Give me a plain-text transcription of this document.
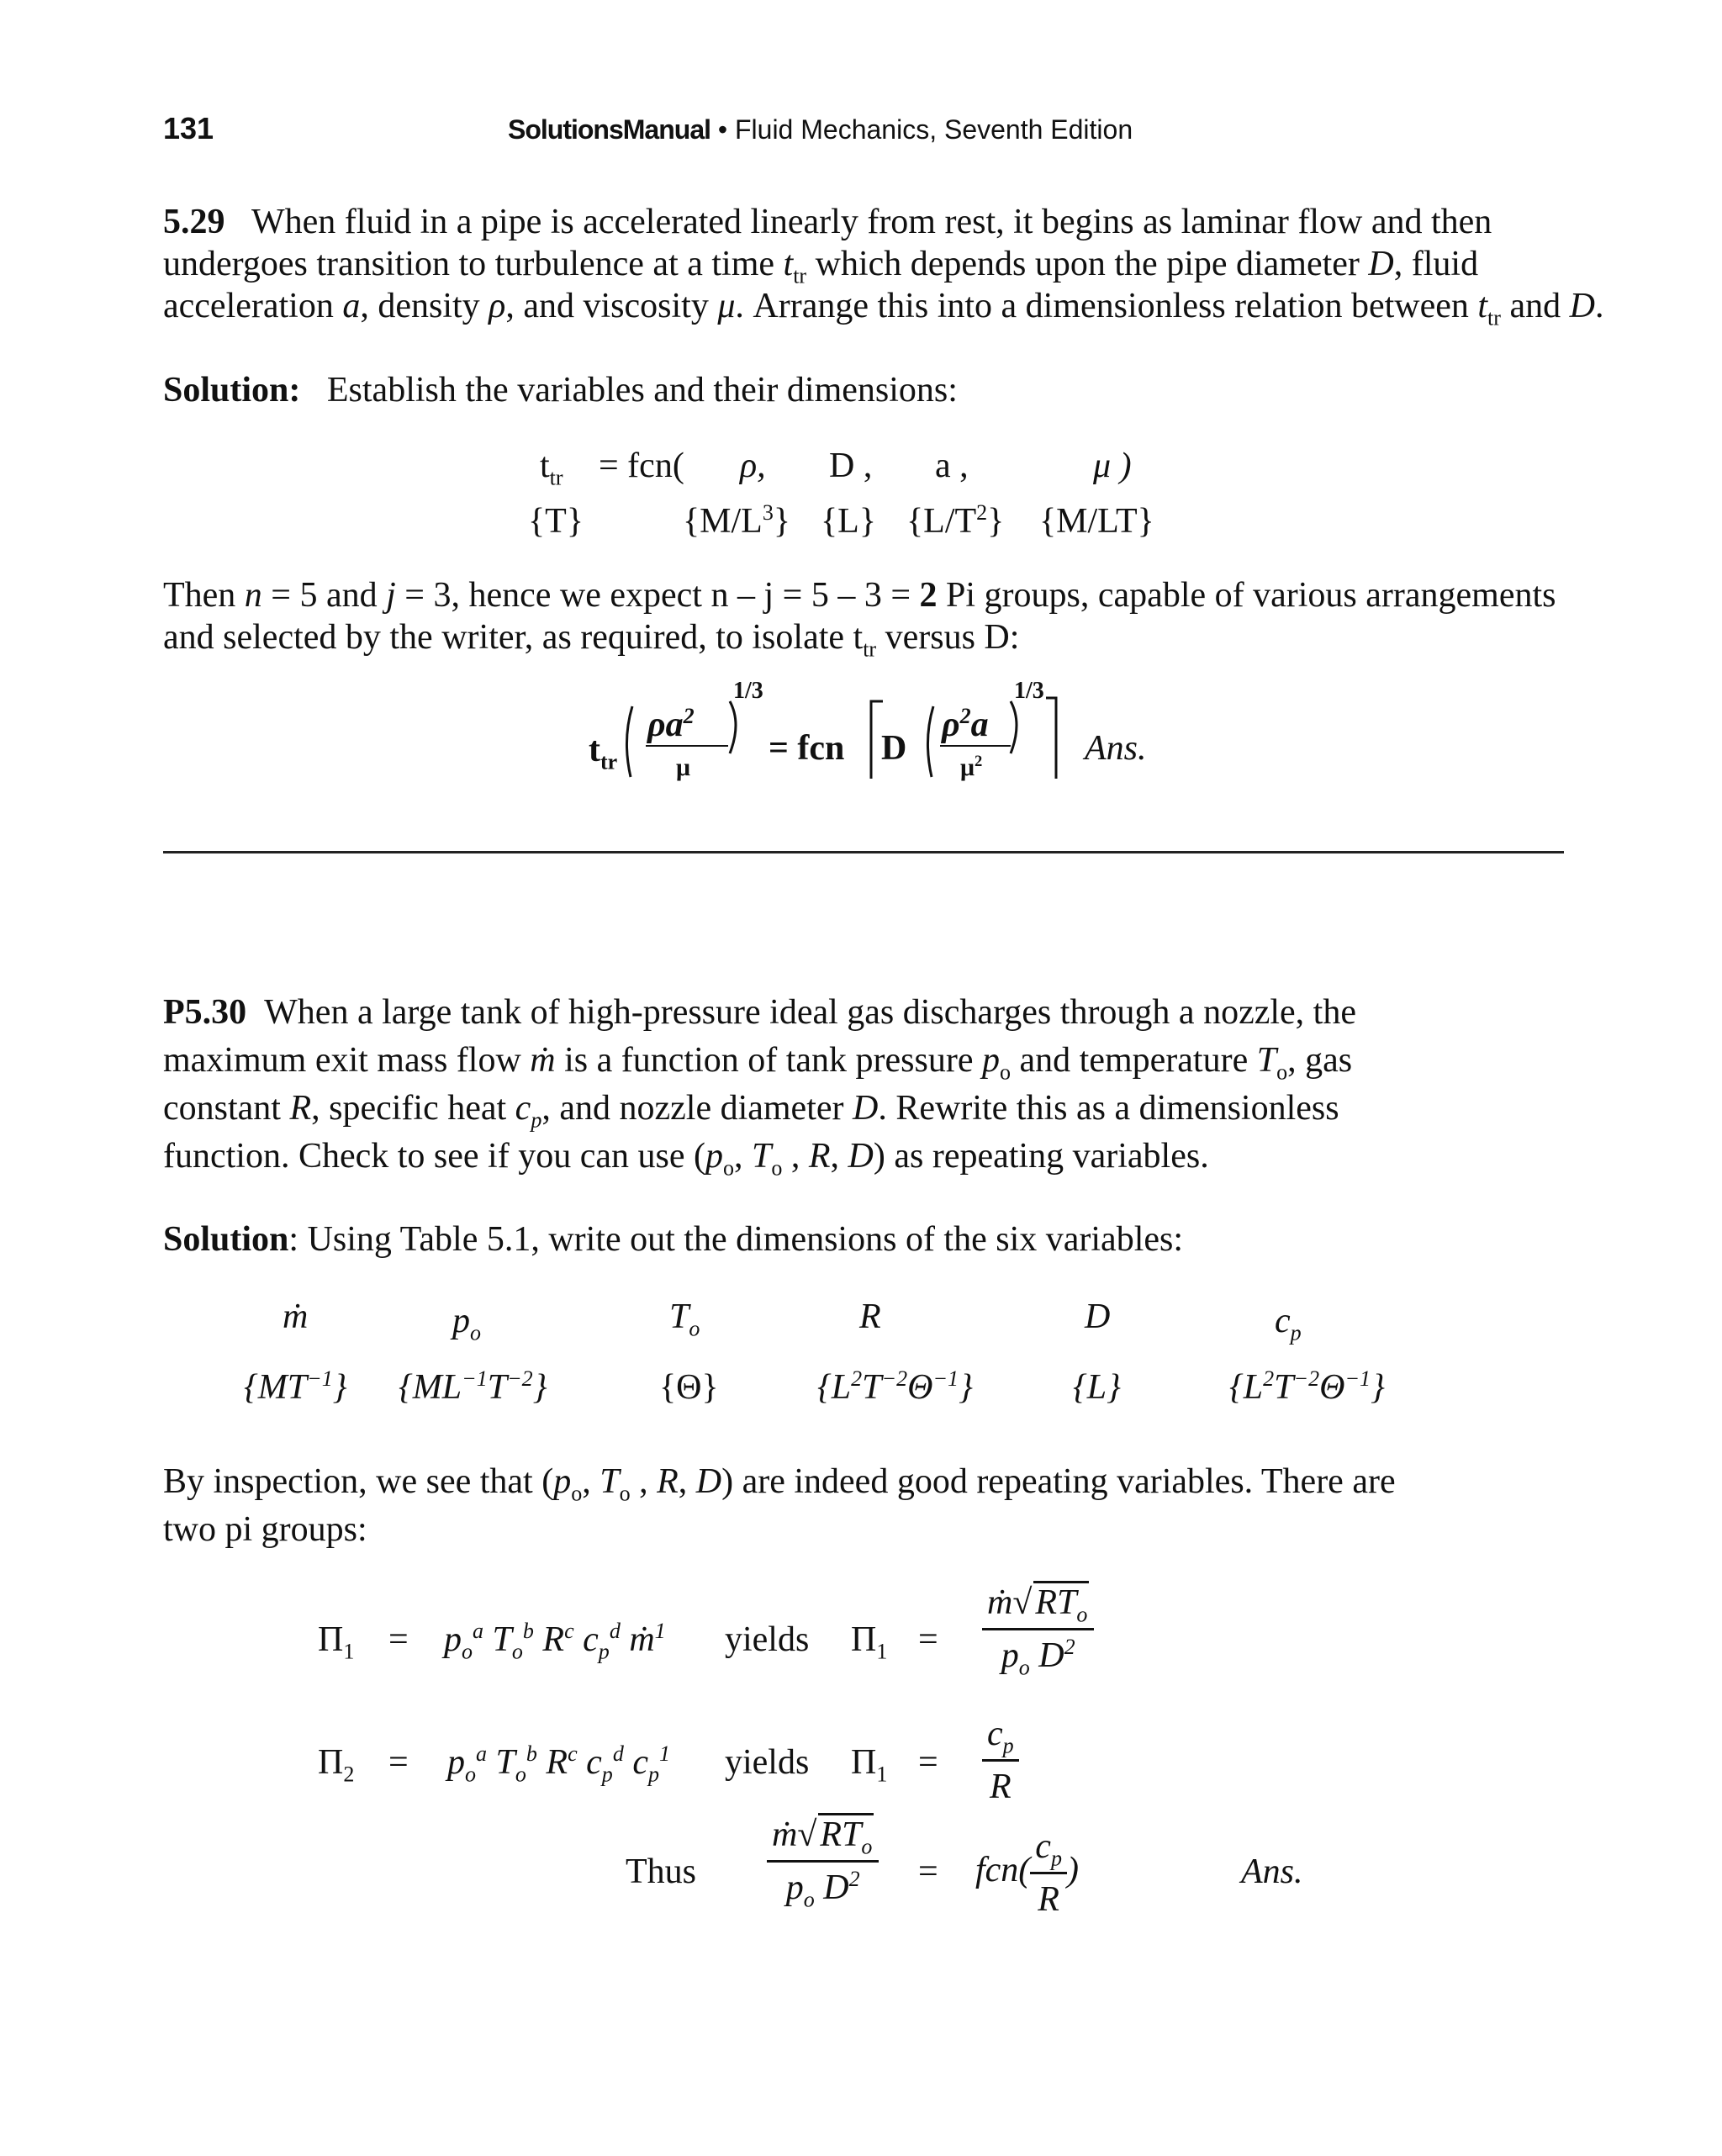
131	SolutionsManual • Fluid Mechanics, Seventh Edition
5.29 When fluid in a pipe is accelerated linearly from rest, it begins as laminar flow and then
undergoes transition to turbulence at a time $t_{tr}$ which depends upon the pipe diameter D, fluid
acceleration a, density ρ, and viscosity μ. Arrange this into a dimensionless relation between $t_{tr}$ and D.
Solution: Establish the variables and their dimensions:
$t_{tr} = fcn$( ρ, D , a ,	μ )
{T}	$\{M/L^3\}$ {L} $\{L/T^2\}$ {M/LT}
Then n = 5 and j = 3, hence we expect n – j = 5 – 3 = 2 Pi groups, capable of various arrangements
and selected by the writer, as required, to isolate $t_{tr}$ versus D:
$t_{tr}$
$\rho a^2$
μ
1/3
= fcn D
$\rho^2a$
$\mu^2$
1/3
Ans.
P5.30 When a large tank of high-pressure ideal gas discharges through a nozzle, the
maximum exit mass flow ṁ is a function of tank pressure $p_o$ and temperature $T_o$, gas
constant R, specific heat $c_p$, and nozzle diameter D. Rewrite this as a dimensionless
function. Check to see if you can use ($p_o$, $T_o$ , R, D) as repeating variables.
Solution: Using Table 5.1, write out the dimensions of the six variables:
ṁ	$p_o$	$T_o$	R	D	$c_p$
$\{MT^{-1}\}$ $\{ML^{-1}T^{-2}\}$	{Θ}	$\{L^2T^{-2}\Theta^{-1}\}$	{L}	$\{L^2T^{-2}\Theta^{-1}\}$
By inspection, we see that ($p_o$, $T_o$ , R, D) are indeed good repeating variables. There are
two pi groups:
$\Pi_1 = p_o^a$ $T_o^b$ $R^c$ $c_p^d$ ṁ$^1$ yields $\Pi_1 = \frac{ṁ√RT_o}{p_o D^2}$
$\Pi_2 = p_o^a$ $T_o^b$ $R^c$ $c_p^d$ $c_p^1$ yields $\Pi_1 = \frac{c_p}{R}$
Thus $\frac{ṁ√RT_o}{p_o D^2} = fcn( \frac{c_p}{R}$ )	Ans.
